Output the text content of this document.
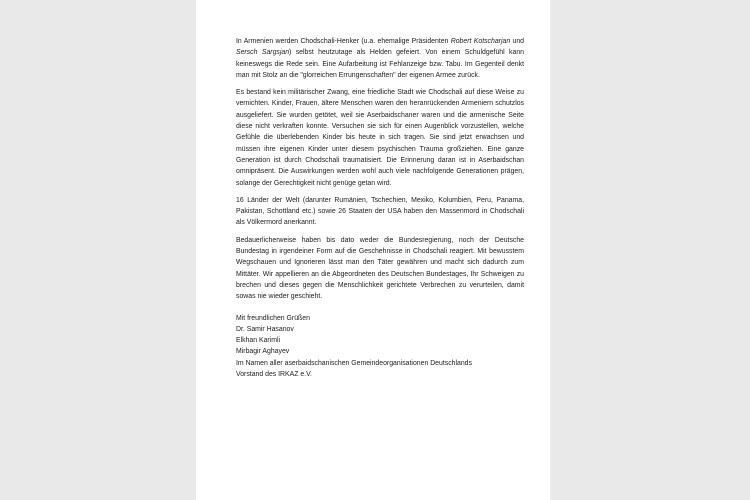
In Armenien werden Chodschali-Henker (u.a. ehemalige Präsidenten Robert Kotscharjan und Sersch Sargsjan) selbst heutzutage als Helden gefeiert. Von einem Schuldgefühl kann keineswegs die Rede sein. Eine Aufarbeitung ist Fehlanzeige bzw. Tabu. Im Gegenteil denkt man mit Stolz an die "glorreichen Errungenschaften" der eigenen Armee zurück.

Es bestand kein militärischer Zwang, eine friedliche Stadt wie Chodschali auf diese Weise zu vernichten. Kinder, Frauen, ältere Menschen waren den heranrückenden Armeniern schutzlos ausgeliefert. Sie wurden getötet, weil sie Aserbaidschaner waren und die armenische Seite diese nicht verkraften konnte. Versuchen sie sich für einen Augenblick vorzustellen, welche Gefühle die überlebenden Kinder bis heute in sich tragen. Sie sind jetzt erwachsen und müssen ihre eigenen Kinder unter diesem psychischen Trauma großziehen. Eine ganze Generation ist durch Chodschali traumatisiert. Die Erinnerung daran ist in Aserbaidschan omnipräsent. Die Auswirkungen werden wohl auch viele nachfolgende Generationen prägen, solange der Gerechtigkeit nicht genüge getan wird.

16 Länder der Welt (darunter Rumänien, Tschechien, Mexiko, Kolumbien, Peru, Panama, Pakistan, Schottland etc.) sowie 26 Staaten der USA haben den Massenmord in Chodschali als Völkermord anerkannt.

Bedauerlicherweise haben bis dato weder die Bundesregierung, noch der Deutsche Bundestag in irgendeiner Form auf die Geschehnisse in Chodschali reagiert. Mit bewusstem Wegschauen und Ignorieren lässt man den Täter gewähren und macht sich dadurch zum Mittäter. Wir appellieren an die Abgeordneten des Deutschen Bundestages, Ihr Schweigen zu brechen und dieses gegen die Menschlichkeit gerichtete Verbrechen zu verurteilen, damit sowas nie wieder geschieht.

Mit freundlichen Grüßen
Dr. Samir Hasanov
Elkhan Karimli
Mirbagir Aghayev
Im Namen aller aserbaidschanischen Gemeindeorganisationen Deutschlands
Vorstand des IRKAZ e.V.
